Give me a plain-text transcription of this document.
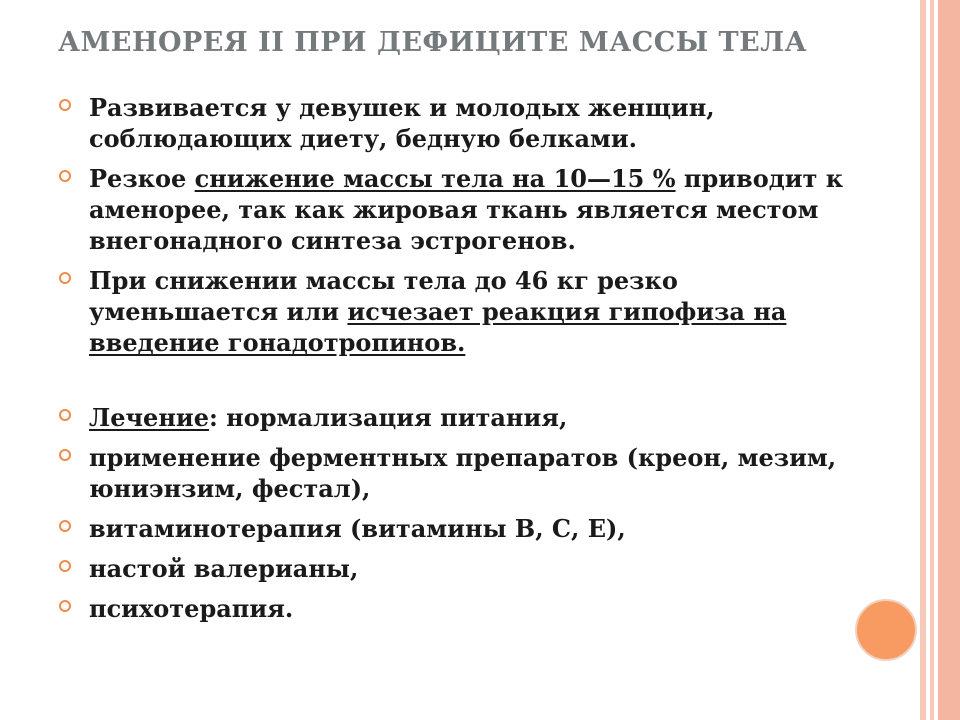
АМЕНОРЕЯ II ПРИ ДЕФИЦИТЕ МАССЫ ТЕЛА
Развивается у девушек и молодых женщин, соблюдающих диету, бедную белками.
Резкое снижение массы тела на 10—15 % приводит к аменорее, так как жировая ткань является местом внегонадного синтеза эстрогенов.
При снижении массы тела до 46 кг резко уменьшается или исчезает реакция гипофиза на введение гонадотропинов.
Лечение: нормализация питания,
применение ферментных препаратов (креон, мезим, юниэнзим, фестал),
витаминотерапия (витамины В, С, Е),
настой валерианы,
психотерапия.
